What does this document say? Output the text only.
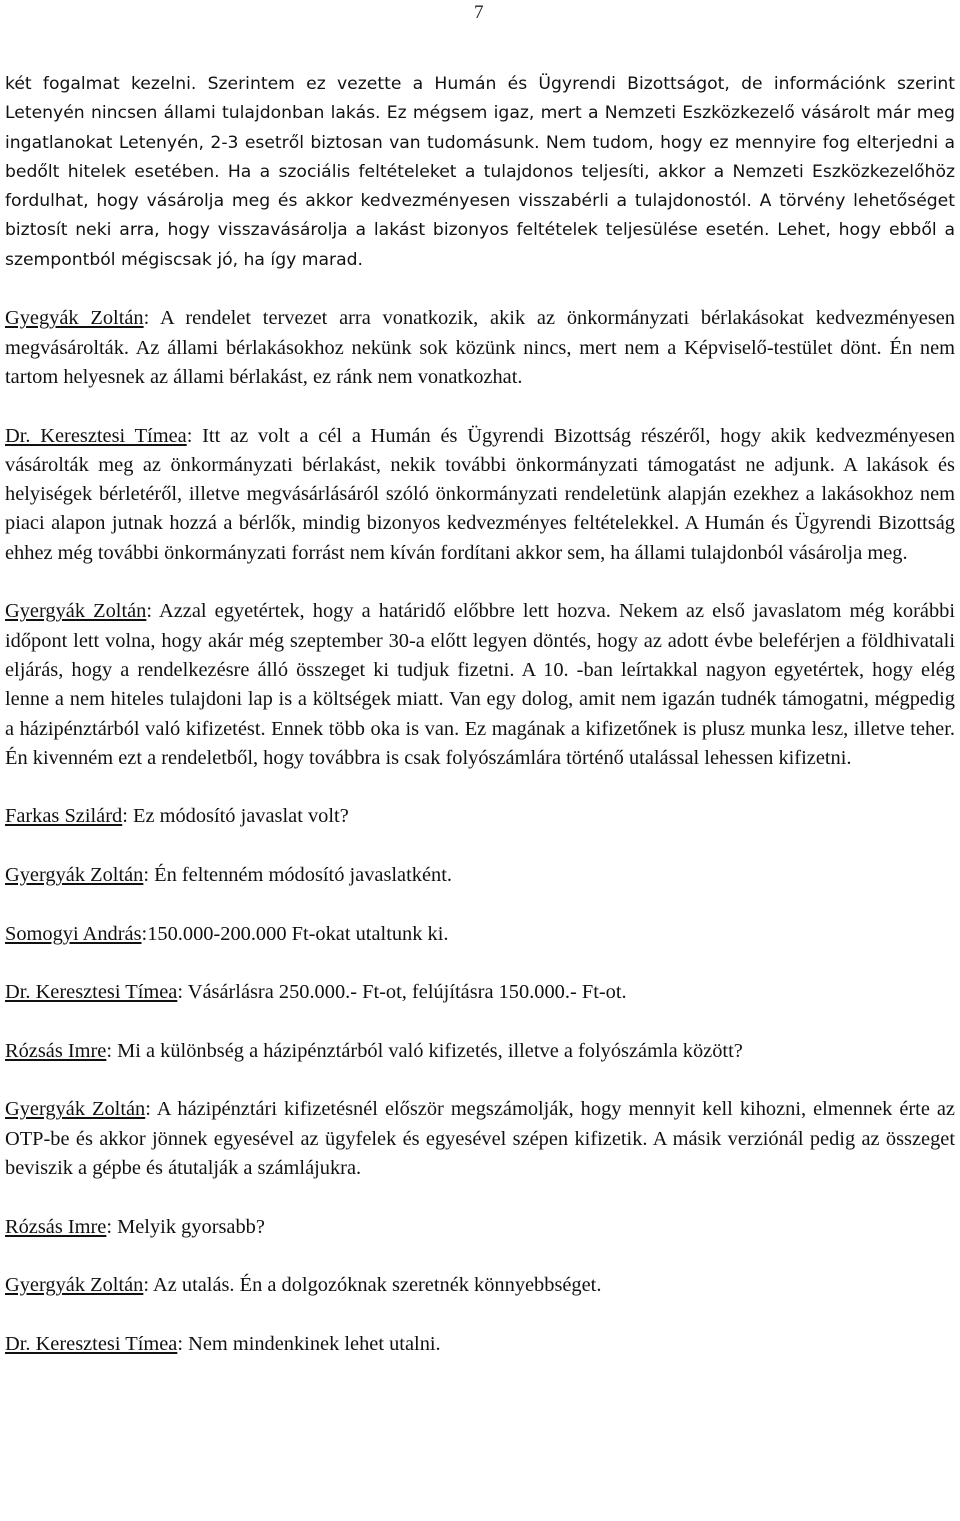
7

két fogalmat kezelni. Szerintem ez vezette a Humán és Ügyrendi Bizottságot, de információnk szerint Letenyén nincsen állami tulajdonban lakás. Ez mégsem igaz, mert a Nemzeti Eszközkezelő vásárolt már meg ingatlanokat Letenyén, 2-3 esetről biztosan van tudomásunk. Nem tudom, hogy ez mennyire fog elterjedni a bedőlt hitelek esetében. Ha a szociális feltételeket a tulajdonos teljesíti, akkor a Nemzeti Eszközkezelőhöz fordulhat, hogy vásárolja meg és akkor kedvezményesen visszabérli a tulajdonostól. A törvény lehetőséget biztosít neki arra, hogy visszavásárolja a lakást bizonyos feltételek teljesülése esetén. Lehet, hogy ebből a szempontból mégiscsak jó, ha így marad.

Gyegyák Zoltán: A rendelet tervezet arra vonatkozik, akik az önkormányzati bérlakásokat kedvezményesen megvásárolták. Az állami bérlakásokhoz nekünk sok közünk nincs, mert nem a Képviselő-testület dönt. Én nem tartom helyesnek az állami bérlakást, ez ránk nem vonatkozhat.

Dr. Keresztesi Tímea: Itt az volt a cél a Humán és Ügyrendi Bizottság részéről, hogy akik kedvezményesen vásárolták meg az önkormányzati bérlakást, nekik további önkormányzati támogatást ne adjunk. A lakások és helyiségek bérletéről, illetve megvásárlásáról szóló önkormányzati rendeletünk alapján ezekhez a lakásokhoz nem piaci alapon jutnak hozzá a bérlők, mindig bizonyos kedvezményes feltételekkel. A Humán és Ügyrendi Bizottság ehhez még további önkormányzati forrást nem kíván fordítani akkor sem, ha állami tulajdonból vásárolja meg.

Gyergyák Zoltán: Azzal egyetértek, hogy a határidő előbbre lett hozva. Nekem az első javaslatom még korábbi időpont lett volna, hogy akár még szeptember 30-a előtt legyen döntés, hogy az adott évbe beleférjen a földhivatali eljárás, hogy a rendelkezésre álló összeget ki tudjuk fizetni. A 10. -ban leírtakkal nagyon egyetértek, hogy elég lenne a nem hiteles tulajdoni lap is a költségek miatt. Van egy dolog, amit nem igazán tudnék támogatni, mégpedig a házipénztárból való kifizetést. Ennek több oka is van. Ez magának a kifizetőnek is plusz munka lesz, illetve teher. Én kivenném ezt a rendeletből, hogy továbbra is csak folyószámlára történő utalással lehessen kifizetni.

Farkas Szilárd: Ez módosító javaslat volt?

Gyergyák Zoltán: Én feltenném módosító javaslatként.

Somogyi András:150.000-200.000 Ft-okat utaltunk ki.

Dr. Keresztesi Tímea: Vásárlásra 250.000.- Ft-ot, felújításra 150.000.- Ft-ot.

Rózsás Imre: Mi a különbség a házipénztárból való kifizetés, illetve a folyószámla között?

Gyergyák Zoltán: A házipénztári kifizetésnél először megszámolják, hogy mennyit kell kihozni, elmennek érte az OTP-be és akkor jönnek egyesével az ügyfelek és egyesével szépen kifizetik. A másik verziónál pedig az összeget beviszik a gépbe és átutalják a számlájukra.

Rózsás Imre: Melyik gyorsabb?

Gyergyák Zoltán: Az utalás. Én a dolgozóknak szeretnék könnyebbséget.

Dr. Keresztesi Tímea: Nem mindenkinek lehet utalni.
